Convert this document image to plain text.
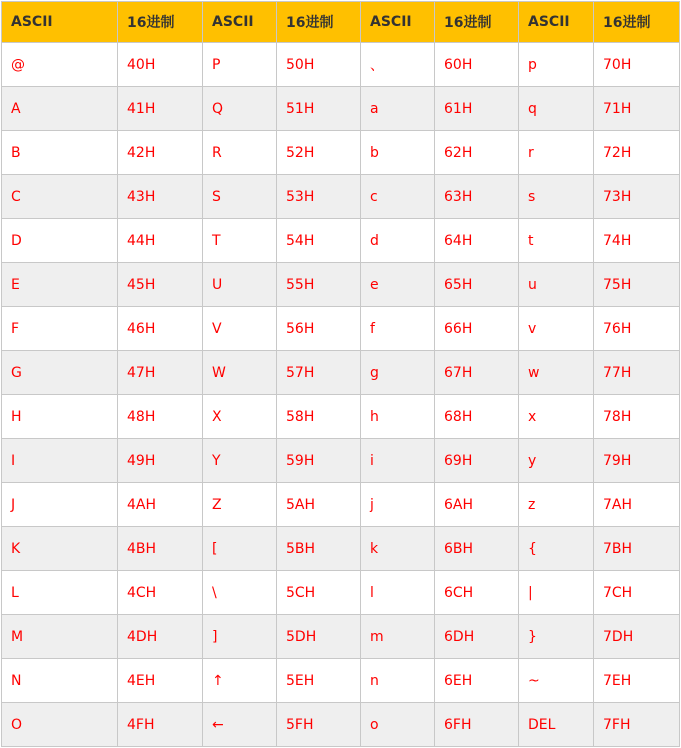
ASCII	16进制	ASCII	16进制	ASCII	16进制	ASCII	16进制
@	40H	P	50H	、	60H	p	70H
A	41H	Q	51H	a	61H	q	71H
B	42H	R	52H	b	62H	r	72H
C	43H	S	53H	c	63H	s	73H
D	44H	T	54H	d	64H	t	74H
E	45H	U	55H	e	65H	u	75H
F	46H	V	56H	f	66H	v	76H
G	47H	W	57H	g	67H	w	77H
H	48H	X	58H	h	68H	x	78H
I	49H	Y	59H	i	69H	y	79H
J	4AH	Z	5AH	j	6AH	z	7AH
K	4BH	[	5BH	k	6BH	{	7BH
L	4CH	\	5CH	l	6CH	|	7CH
M	4DH	]	5DH	m	6DH	}	7DH
N	4EH	↑	5EH	n	6EH	~	7EH
O	4FH	←	5FH	o	6FH	DEL	7FH
